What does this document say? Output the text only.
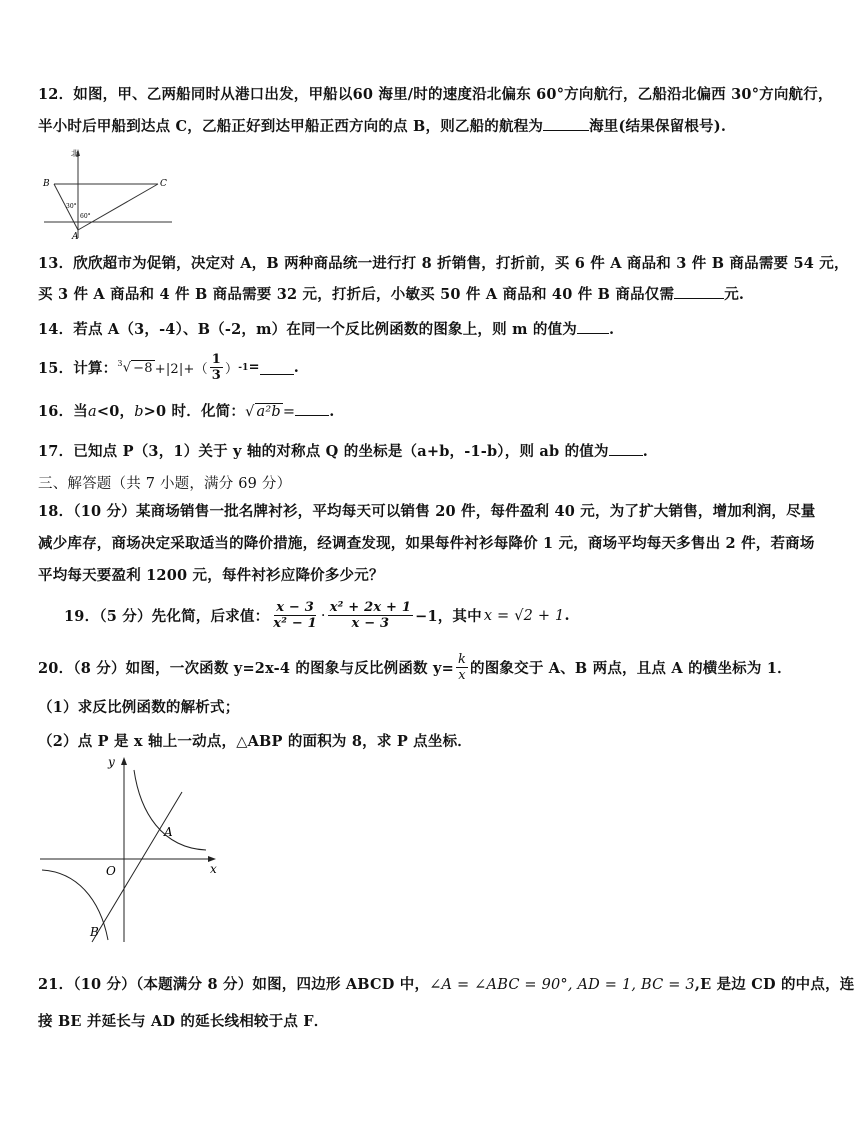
12．如图，甲、乙两船同时从港口出发，甲船以60 海里/时的速度沿北偏东 60°方向航行，乙船沿北偏西 30°方向航行，
半小时后甲船到达点 C，乙船正好到达甲船正西方向的点 B，则乙船的航程为	海里(结果保留根号).
北
B	C
A
30°
60°
13．欣欣超市为促销，决定对 A，B 两种商品统一进行打 8 折销售，打折前，买 6 件 A 商品和 3 件 B 商品需要 54 元，
买 3 件 A 商品和 4 件 B 商品需要 32 元，打折后，小敏买 50 件 A 商品和 40 件 B 商品仅需	元.
14．若点 A（3，-4）、B（-2，m）在同一个反比例函数的图象上，则 m 的值为 .
15．计算： $^3√ -8 +|2|+( \frac{1}{3}$ ） -1 = .
16．当a<0，b>0 时．化简：√ a²b = .
17．已知点 P（3，1）关于 y 轴的对称点 Q 的坐标是（a+b，-1-b），则 ab 的值为 .
三、解答题（共 7 小题，满分 69 分）
18．（10 分）某商场销售一批名牌衬衫，平均每天可以销售 20 件，每件盈利 40 元，为了扩大销售，增加利润，尽量
减少库存，商场决定采取适当的降价措施，经调查发现，如果每件衬衫每降价 1 元，商场平均每天多售出 2 件，若商场
平均每天要盈利 1200 元，每件衬衫应降价多少元？
19．（5 分）先化简，后求值： $\frac{x - 3}{\text{x² − 1}} \cdot \frac{\text{x² + 2x + 1}}{x - 3} -1$，其中 x = √2 + 1 .
20．（8 分）如图，一次函数 y=2x-4 的图象与反比例函数 $y= \frac{k}{x}$ 的图象交于 A、B 两点，且点 A 的横坐标为 1．
（1）求反比例函数的解析式；
（2）点 P 是 x 轴上一动点，△ABP 的面积为 8，求 P 点坐标．
y
x
O
A
B
21．（10 分）（本题满分 8 分）如图，四边形 ABCD 中，∠A = ∠ABC = 90°, AD = 1, BC = 3,E 是边 CD 的中点，连
接 BE 并延长与 AD 的延长线相较于点 F．
